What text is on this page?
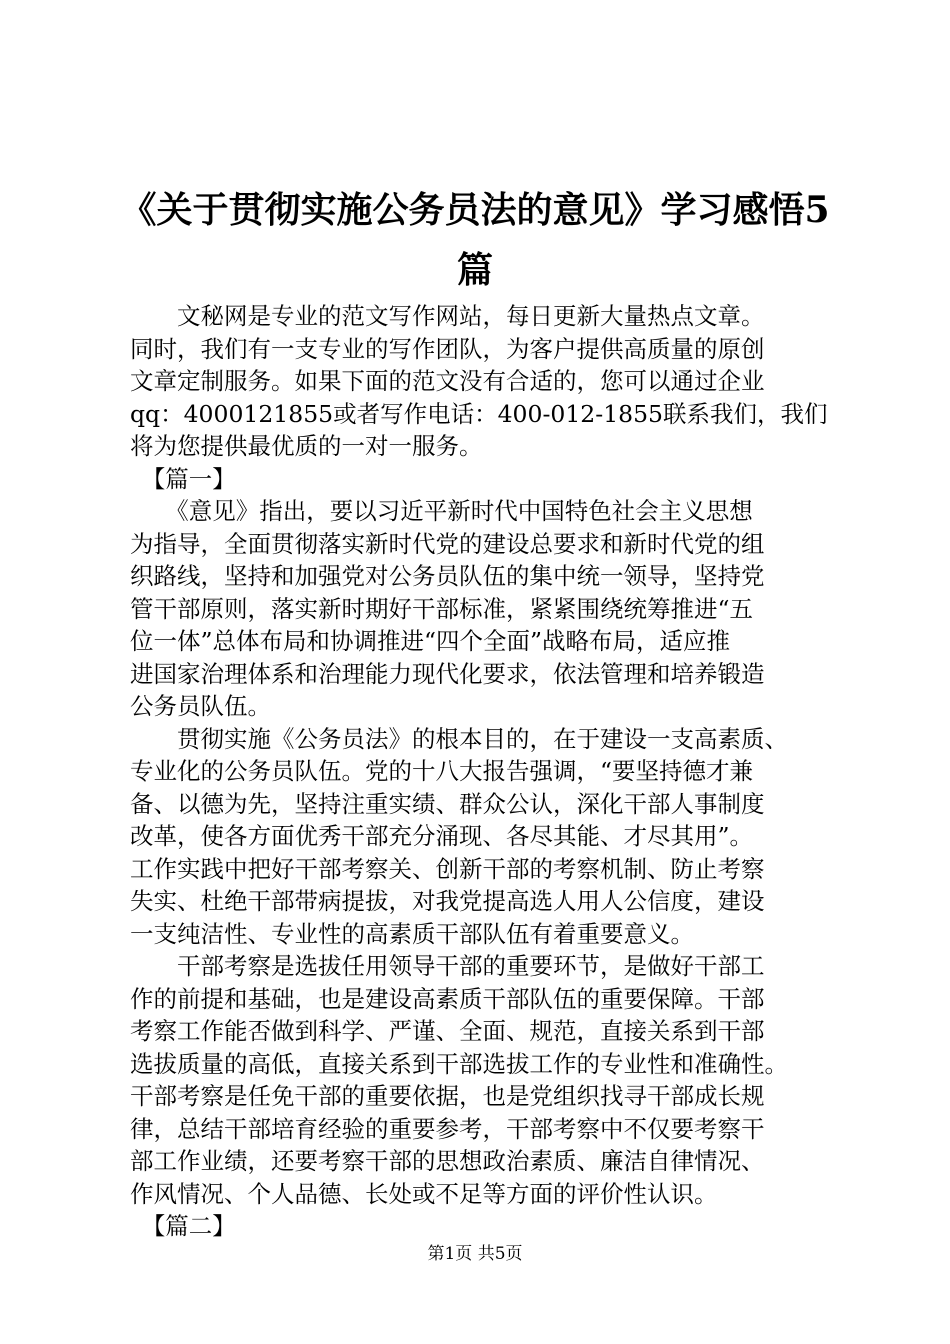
《关于贯彻实施公务员法的意见》学习感悟5
篇
　　文秘网是专业的范文写作网站，每日更新大量热点文章。
同时，我们有一支专业的写作团队，为客户提供高质量的原创
文章定制服务。如果下面的范文没有合适的，您可以通过企业
qq：4000121855或者写作电话：400-012-1855联系我们，我们
将为您提供最优质的一对一服务。
　【篇一】
　　《意见》指出，要以习近平新时代中国特色社会主义思想
为指导，全面贯彻落实新时代党的建设总要求和新时代党的组
织路线，坚持和加强党对公务员队伍的集中统一领导，坚持党
管干部原则，落实新时期好干部标准，紧紧围绕统筹推进“五
位一体”总体布局和协调推进“四个全面”战略布局，适应推
进国家治理体系和治理能力现代化要求，依法管理和培养锻造
公务员队伍。
　　贯彻实施《公务员法》的根本目的，在于建设一支高素质、
专业化的公务员队伍。党的十八大报告强调，“要坚持德才兼
备、以德为先，坚持注重实绩、群众公认，深化干部人事制度
改革，使各方面优秀干部充分涌现、各尽其能、才尽其用”。
工作实践中把好干部考察关、创新干部的考察机制、防止考察
失实、杜绝干部带病提拔，对我党提高选人用人公信度，建设
一支纯洁性、专业性的高素质干部队伍有着重要意义。
　　干部考察是选拔任用领导干部的重要环节，是做好干部工
作的前提和基础，也是建设高素质干部队伍的重要保障。干部
考察工作能否做到科学、严谨、全面、规范，直接关系到干部
选拔质量的高低，直接关系到干部选拔工作的专业性和准确性。
干部考察是任免干部的重要依据，也是党组织找寻干部成长规
律，总结干部培育经验的重要参考，干部考察中不仅要考察干
部工作业绩，还要考察干部的思想政治素质、廉洁自律情况、
作风情况、个人品德、长处或不足等方面的评价性认识。
　【篇二】
第1页 共5页
